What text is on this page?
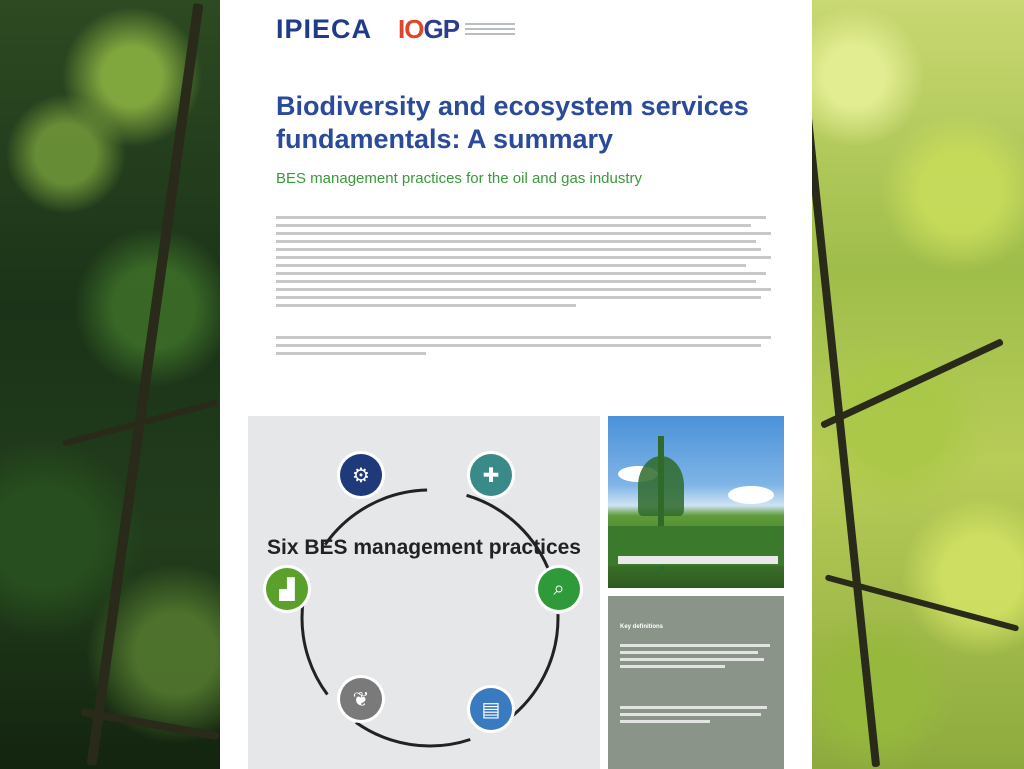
IPIECA IOGP
Biodiversity and ecosystem services fundamentals: A summary

BES management practices for the oil and gas industry

Six BES management practices
⚙	✚
⌕
▤
❦
▟
Key definitions
